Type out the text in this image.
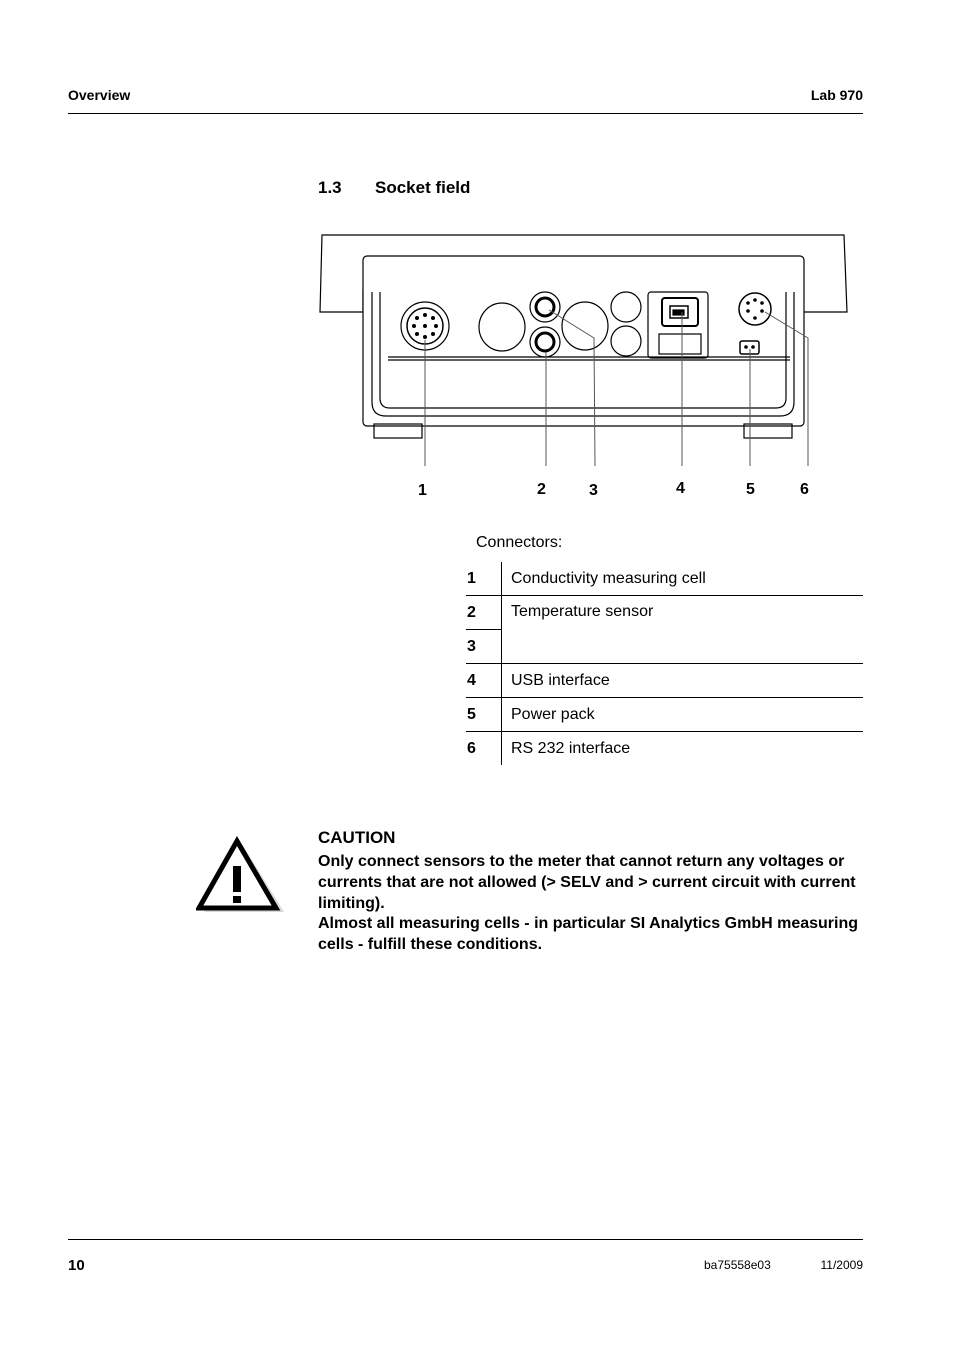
Overview	Lab 970
1.3 Socket field
1	2	3	4	5	6
Connectors:
1	Conductivity measuring cell
2	Temperature sensor
3	
4	USB interface
5	Power pack
6	RS 232 interface
CAUTION
Only connect sensors to the meter that cannot return any voltages or currents that are not allowed (> SELV and > current circuit with current limiting).
Almost all measuring cells - in particular SI Analytics GmbH measuring cells - fulfill these conditions.
10	ba75558e03	11/2009
